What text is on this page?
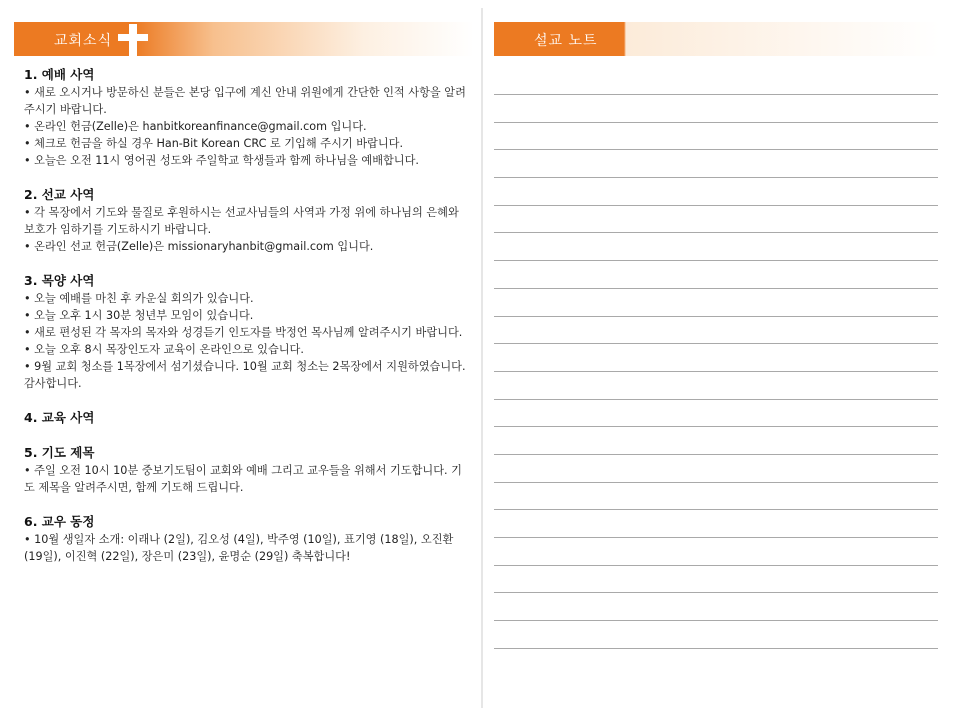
교회소식	설교 노트
1. 예배 사역

• 새로 오시거나 방문하신 분들은 본당 입구에 계신 안내 위원에게 간단한 인적 사항을 알려주시기 바랍니다.

• 온라인 헌금(Zelle)은 hanbitkoreanfinance@gmail.com 입니다.

• 체크로 헌금을 하실 경우 Han-Bit Korean CRC 로 기입해 주시기 바랍니다.

• 오늘은 오전 11시 영어권 성도와 주일학교 학생들과 함께 하나님을 예배합니다.

2. 선교 사역

• 각 목장에서 기도와 물질로 후원하시는 선교사님들의 사역과 가정 위에 하나님의 은혜와 보호가 임하기를 기도하시기 바랍니다.

• 온라인 선교 헌금(Zelle)은 missionaryhanbit@gmail.com 입니다.

3. 목양 사역

• 오늘 예배를 마친 후 카운실 회의가 있습니다.

• 오늘 오후 1시 30분 청년부 모임이 있습니다.

• 새로 편성된 각 목자의 목자와 성경듣기 인도자를 박정언 목사님께 알려주시기 바랍니다.

• 오늘 오후 8시 목장인도자 교육이 온라인으로 있습니다.

• 9월 교회 청소를 1목장에서 섬기셨습니다. 10월 교회 청소는 2목장에서 지원하였습니다. 감사합니다.

4. 교육 사역
5. 기도 제목

• 주일 오전 10시 10분 중보기도팀이 교회와 예배 그리고 교우들을 위해서 기도합니다. 기도 제목을 알려주시면, 함께 기도해 드립니다.

6. 교우 동정

• 10월 생일자 소개: 이래나 (2일), 김오성 (4일), 박주영 (10일), 표기영 (18일), 오진환 (19일), 이진혁 (22일), 장은미 (23일), 윤명순 (29일) 축복합니다!
